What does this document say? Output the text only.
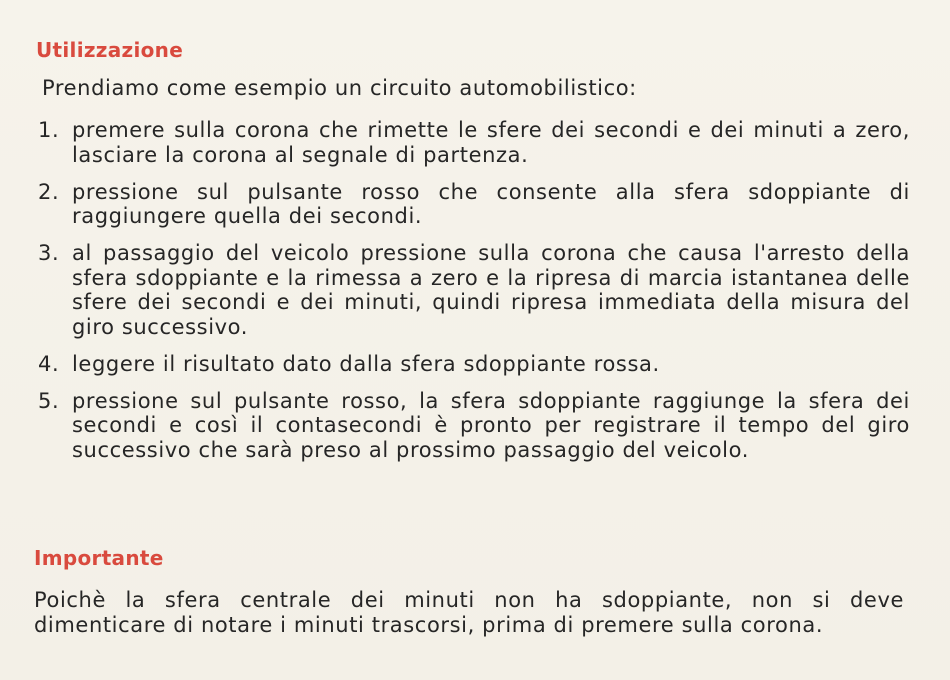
Utilizzazione
Prendiamo come esempio un circuito automobilistico:
1. premere sulla corona che rimette le sfere dei secondi e dei minuti a zero, lasciare la corona al segnale di partenza.
2. pressione sul pulsante rosso che consente alla sfera sdoppiante di raggiungere quella dei secondi.
3. al passaggio del veicolo pressione sulla corona che causa l'arresto della sfera sdoppiante e la rimessa a zero e la ripresa di marcia istantanea delle sfere dei secondi e dei minuti, quindi ripresa immediata della misura del giro successivo.
4. leggere il risultato dato dalla sfera sdoppiante rossa.
5. pressione sul pulsante rosso, la sfera sdoppiante raggiunge la sfera dei secondi e così il contasecondi è pronto per registrare il tempo del giro successivo che sarà preso al prossimo passaggio del veicolo.
Importante
Poichè la sfera centrale dei minuti non ha sdoppiante, non si deve dimenticare di notare i minuti trascorsi, prima di premere sulla corona.
